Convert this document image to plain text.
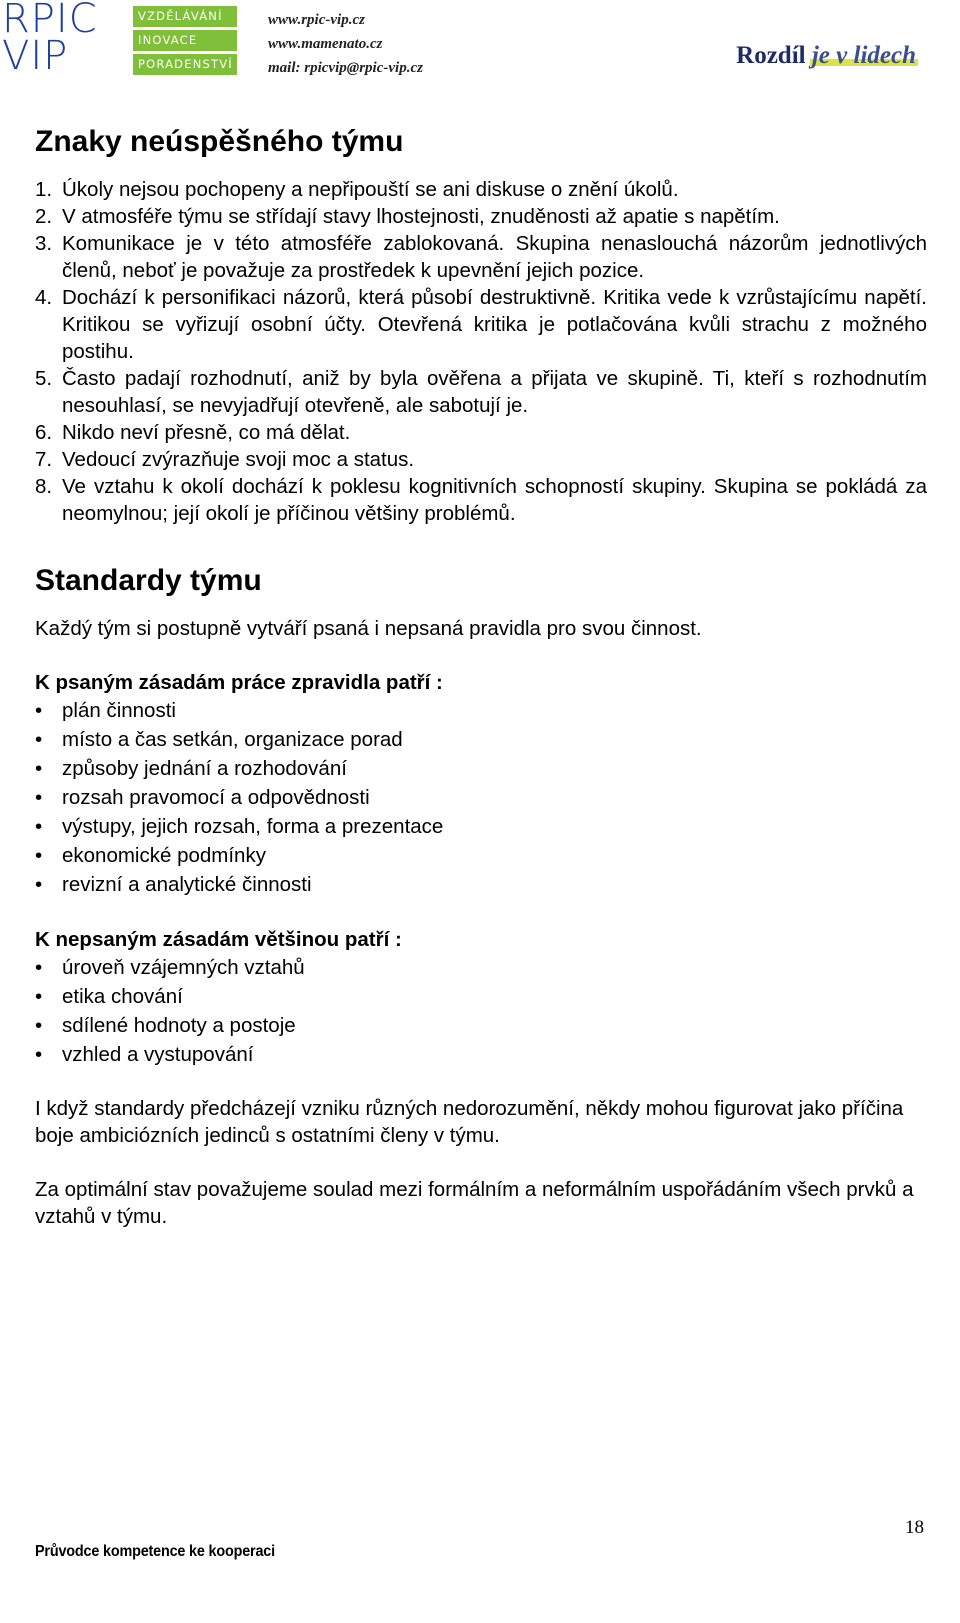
RPIC
VIP
VZDĚLÁVÁNÍ
INOVACE
PORADENSTVÍ
www.rpic-vip.cz
www.mamenato.cz
mail: rpicvip@rpic-vip.cz	Rozdíl je v lidech
Znaky neúspěšného týmu
1. Úkoly nejsou pochopeny a nepřipouští se ani diskuse o znění úkolů.
2. V atmosféře týmu se střídají stavy lhostejnosti, znuděnosti až apatie s napětím.
3. Komunikace je v této atmosféře zablokovaná. Skupina nenaslouchá názorům jednotlivých členů, neboť je považuje za prostředek k upevnění jejich pozice.
4. Dochází k personifikaci názorů, která působí destruktivně. Kritika vede k vzrůstajícímu napětí. Kritikou se vyřizují osobní účty. Otevřená kritika je potlačována kvůli strachu z možného postihu.
5. Často padají rozhodnutí, aniž by byla ověřena a přijata ve skupině. Ti, kteří s rozhodnutím nesouhlasí, se nevyjadřují otevřeně, ale sabotují je.
6. Nikdo neví přesně, co má dělat.
7. Vedoucí zvýrazňuje svoji moc a status.
8. Ve vztahu k okolí dochází k poklesu kognitivních schopností skupiny. Skupina se pokládá za neomylnou; její okolí je příčinou většiny problémů.
Standardy týmu

Každý tým si postupně vytváří psaná i nepsaná pravidla pro svou činnost.

K psaným zásadám práce zpravidla patří :

• plán činnosti
• místo a čas setkán, organizace porad
• způsoby jednání a rozhodování
• rozsah pravomocí a odpovědnosti
• výstupy, jejich rozsah, forma a prezentace
• ekonomické podmínky
• revizní a analytické činnosti

K nepsaným zásadám většinou patří :

• úroveň vzájemných vztahů
• etika chování
• sdílené hodnoty a postoje
• vzhled a vystupování

I když standardy předcházejí vzniku různých nedorozumění, někdy mohou figurovat jako příčina boje ambiciózních jedinců s ostatními členy v týmu.

Za optimální stav považujeme soulad mezi formálním a neformálním uspořádáním všech prvků a vztahů v týmu.

18
Průvodce kompetence ke kooperaci
